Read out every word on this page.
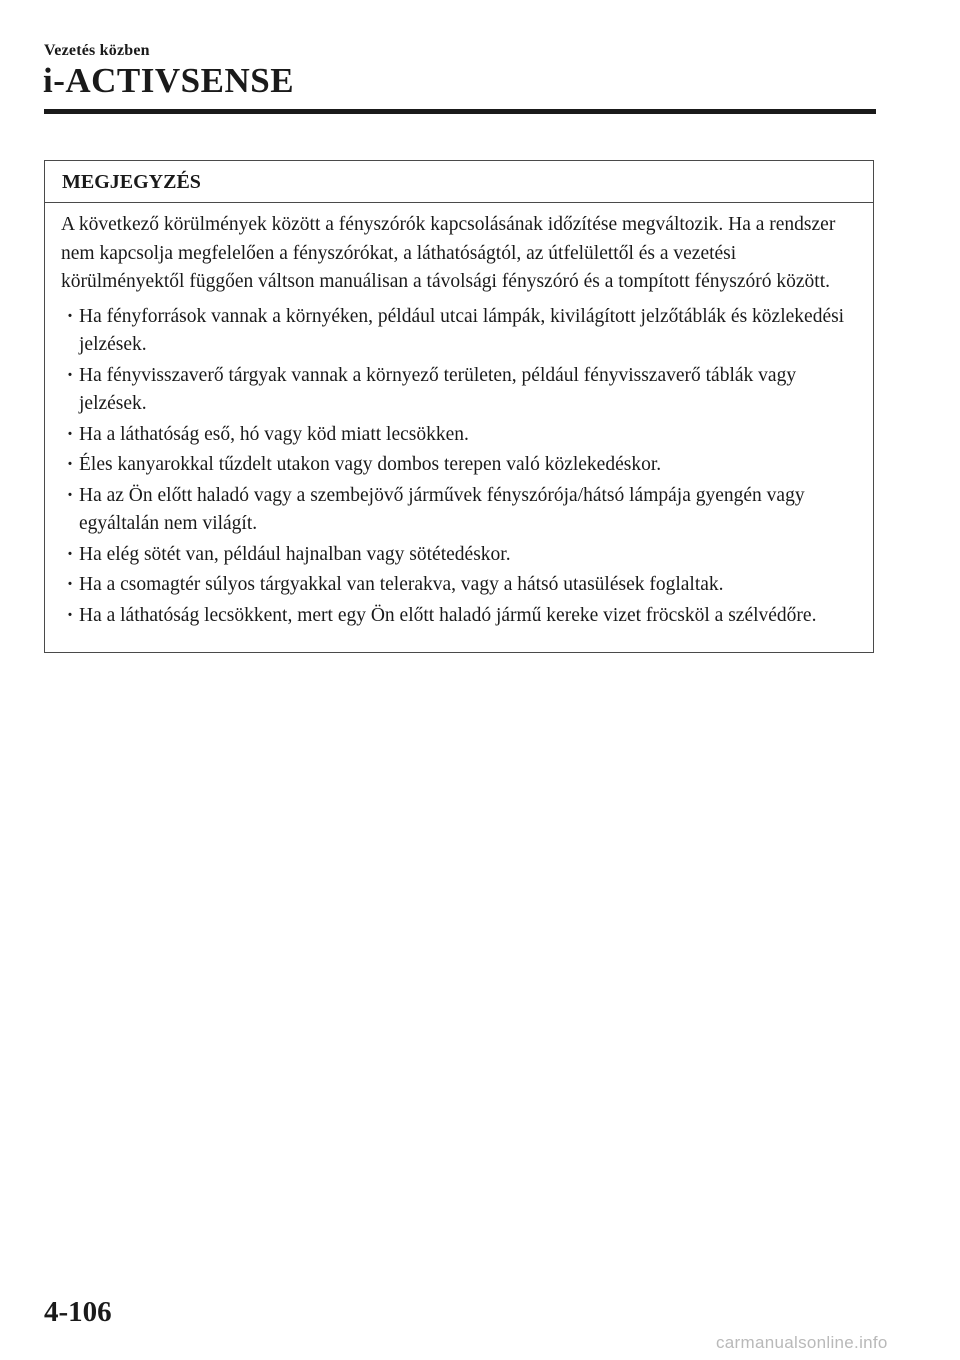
Vezetés közben
i-ACTIVSENSE
MEGJEGYZÉS

A következő körülmények között a fényszórók kapcsolásának időzítése megváltozik. Ha a rendszer nem kapcsolja megfelelően a fényszórókat, a láthatóságtól, az útfelülettől és a vezetési körülményektől függően váltson manuálisan a távolsági fényszóró és a tompított fényszóró között.

· Ha fényforrások vannak a környéken, például utcai lámpák, kivilágított jelzőtáblák és közlekedési jelzések.
· Ha fényvisszaverő tárgyak vannak a környező területen, például fényvisszaverő táblák vagy jelzések.
· Ha a láthatóság eső, hó vagy köd miatt lecsökken.
· Éles kanyarokkal tűzdelt utakon vagy dombos terepen való közlekedéskor.
· Ha az Ön előtt haladó vagy a szembejövő járművek fényszórója/hátsó lámpája gyengén vagy egyáltalán nem világít.
· Ha elég sötét van, például hajnalban vagy sötétedéskor.
· Ha a csomagtér súlyos tárgyakkal van telerakva, vagy a hátsó utasülések foglaltak.
· Ha a láthatóság lecsökkent, mert egy Ön előtt haladó jármű kereke vizet fröcsköl a szélvédőre.
4-106
carmanualsonline.info
